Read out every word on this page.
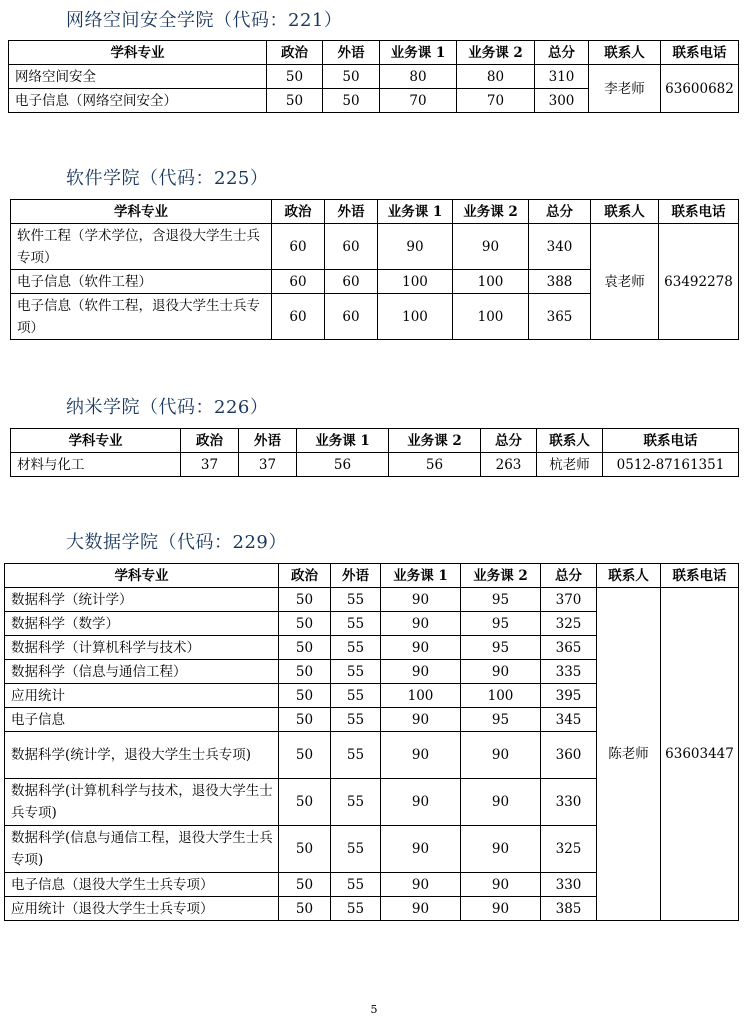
网络空间安全学院（代码：221）
学科专业	政治	外语	业务课 1	业务课 2	总分	联系人	联系电话
网络空间安全	50	50	80	80	310	李老师	63600682
电子信息（网络空间安全）	50	50	70	70	300		
软件学院（代码：225）
学科专业	政治	外语	业务课 1	业务课 2	总分	联系人	联系电话
软件工程（学术学位，含退役大学生士兵专项）	60	60	90	90	340	袁老师	63492278
电子信息（软件工程）	60	60	100	100	388		
电子信息（软件工程，退役大学生士兵专项）	60	60	100	100	365		
纳米学院（代码：226）
学科专业	政治	外语	业务课 1	业务课 2	总分	联系人	联系电话
材料与化工	37	37	56	56	263	杭老师	0512-87161351
大数据学院（代码：229）
学科专业	政治	外语	业务课 1	业务课 2	总分	联系人	联系电话
数据科学（统计学）	50	55	90	95	370	陈老师	63603447
数据科学（数学）	50	55	90	95	325		
数据科学（计算机科学与技术）	50	55	90	95	365		
数据科学（信息与通信工程）	50	55	90	90	335		
应用统计	50	55	100	100	395		
电子信息	50	55	90	95	345		
数据科学(统计学，退役大学生士兵专项)	50	55	90	90	360		
数据科学(计算机科学与技术，退役大学生士兵专项)	50	55	90	90	330		
数据科学(信息与通信工程，退役大学生士兵专项)	50	55	90	90	325		
电子信息（退役大学生士兵专项）	50	55	90	90	330		
应用统计（退役大学生士兵专项）	50	55	90	90	385		
5
